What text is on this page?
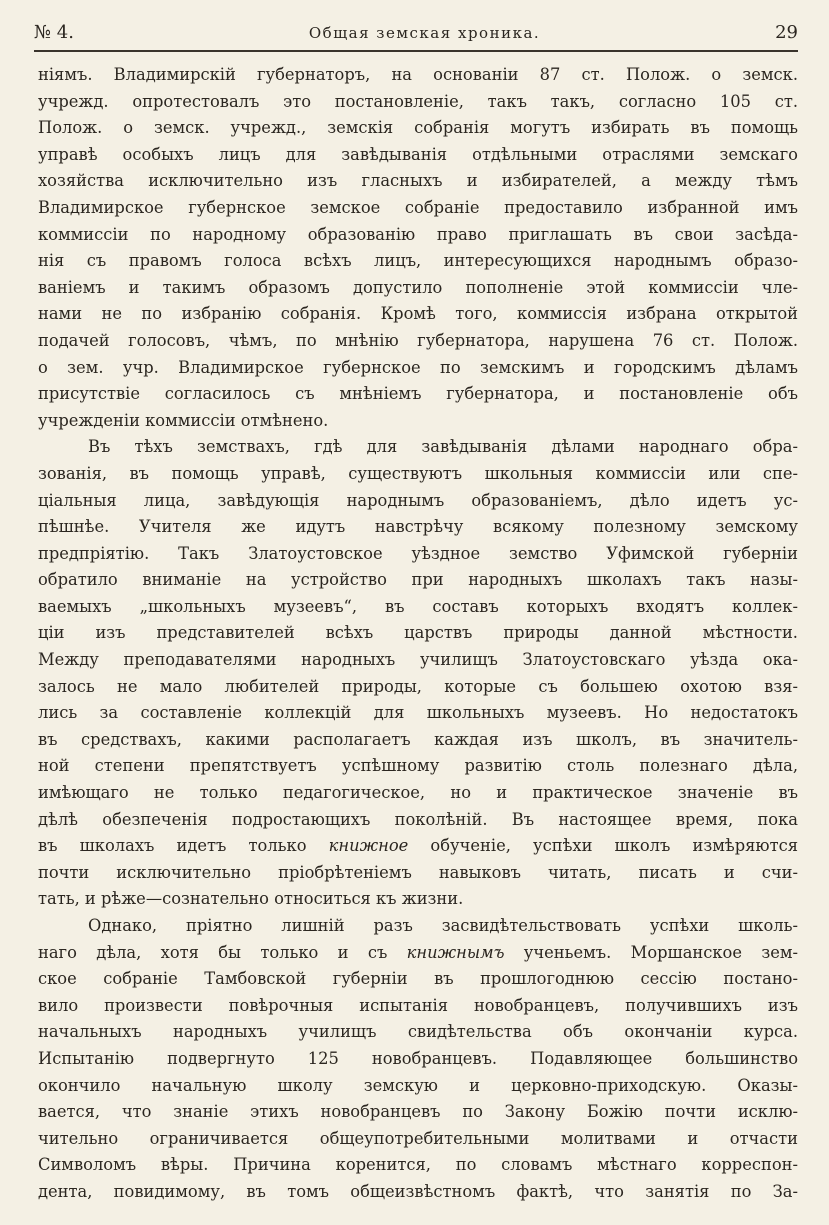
№ 4.	Общая земская хроника.	29
ніямъ. Владимирскій губернаторъ, на основаніи 87 ст. Полож. о земск.
учрежд. опротестовалъ это постановленіе, такъ такъ, согласно 105 ст.
Полож. о земск. учрежд., земскія собранія могутъ избирать въ помощь
управѣ особыхъ лицъ для завѣдыванія отдѣльными отраслями земскаго
хозяйства исключительно изъ гласныхъ и избирателей, а между тѣмъ
Владимирское губернское земское собраніе предоставило избранной имъ
коммиссіи по народному образованію право приглашать въ свои засѣда-
нія съ правомъ голоса всѣхъ лицъ, интересующихся народнымъ образо-
ваніемъ и такимъ образомъ допустило пополненіе этой коммиссіи чле-
нами не по избранію собранія. Кромѣ того, коммиссія избрана открытой
подачей голосовъ, чѣмъ, по мнѣнію губернатора, нарушена 76 ст. Полож.
о зем. учр. Владимирское губернское по земскимъ и городскимъ дѣламъ
присутствіе согласилось съ мнѣніемъ губернатора, и постановленіе объ
учрежденіи коммиссіи отмѣнено.
Въ тѣхъ земствахъ, гдѣ для завѣдыванія дѣлами народнаго обра-
зованія, въ помощь управѣ, существуютъ школьныя коммиссіи или спе-
ціальныя лица, завѣдующія народнымъ образованіемъ, дѣло идетъ ус-
пѣшнѣе. Учителя же идутъ навстрѣчу всякому полезному земскому
предпріятію. Такъ Златоустовское уѣздное земство Уфимской губерніи
обратило вниманіе на устройство при народныхъ школахъ такъ назы-
ваемыхъ „школьныхъ музеевъ“, въ составъ которыхъ входятъ коллек-
ціи изъ представителей всѣхъ царствъ природы данной мѣстности.
Между преподавателями народныхъ училищъ Златоустовскаго уѣзда ока-
залось не мало любителей природы, которые съ большею охотою взя-
лись за составленіе коллекцій для школьныхъ музеевъ. Но недостатокъ
въ средствахъ, какими располагаетъ каждая изъ школъ, въ значитель-
ной степени препятствуетъ успѣшному развитію столь полезнаго дѣла,
имѣющаго не только педагогическое, но и практическое значеніе въ
дѣлѣ обезпеченія подростающихъ поколѣній. Въ настоящее время, пока
въ школахъ идетъ только книжное обученіе, успѣхи школъ измѣряются
почти исключительно пріобрѣтеніемъ навыковъ читать, писать и счи-
тать, и рѣже—сознательно относиться къ жизни.
Однако, пріятно лишній разъ засвидѣтельствовать успѣхи школь-
наго дѣла, хотя бы только и съ книжнымъ ученьемъ. Моршанское зем-
ское собраніе Тамбовской губерніи въ прошлогоднюю сессію постано-
вило произвести повѣрочныя испытанія новобранцевъ, получившихъ изъ
начальныхъ народныхъ училищъ свидѣтельства объ окончаніи курса.
Испытанію подвергнуто 125 новобранцевъ. Подавляющее большинство
окончило начальную школу земскую и церковно-приходскую. Оказы-
вается, что знаніе этихъ новобранцевъ по Закону Божію почти исклю-
чительно ограничивается общеупотребительными молитвами и отчасти
Символомъ вѣры. Причина коренится, по словамъ мѣстнаго корреспон-
дента, повидимому, въ томъ общеизвѣстномъ фактѣ, что занятія по За-
